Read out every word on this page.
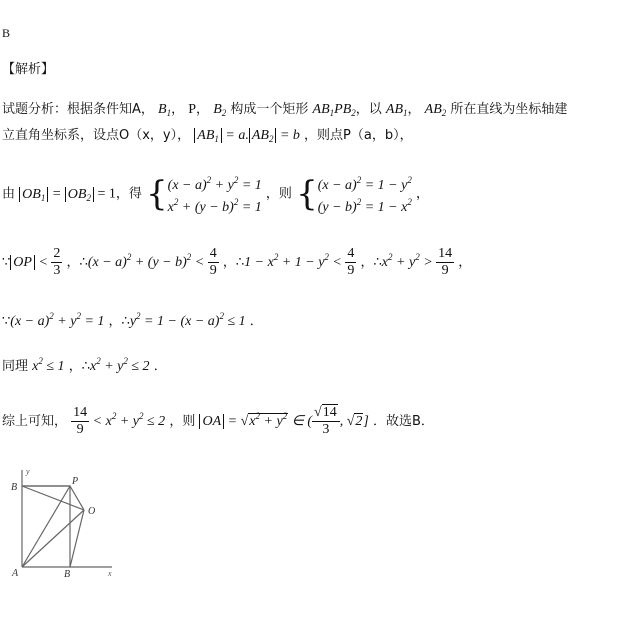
B
【解析】
试题分析：根据条件知A， $B_1$， P， $B_2$ 构成一个矩形 $AB_1PB_2$，以 $AB_1$， $AB_2$ 所在直线为坐标轴建
立直角坐标系，设点O（x，y）， $AB_1 = a$. $AB_2 = b$ ，则点P（a，b），
由 $OB_1 = OB_2 = 1$，得 { $(x - a)^2 + y^2 = 1$
$x^2 + (y - b)^2 = 1$
，则 { $(x - a)^2 = 1 - y^2$
$(y - b)^2 = 1 - x^2$
，
∵ OP < $\frac{2}{3}$ ，∴(x − $a)^2 + (y - b)^2 < \frac{4}{9}$ ，∴1 − $x^2 + 1 - y^2 < \frac{4}{9}$ ，$\therefore x^2 + y^2 > \frac{14}{9}$ ，
∵(x − $a)^2 + y^2 = 1$ ，$\therefore y^2 = 1 - (x - a)^2 \le 1$ ．
同理 $x^2 \le 1$ ，$\therefore x^2 + y^2 \le 2$ ．
综上可知， $\frac{14}{9} < x^2 + y^2 \le 2$ ，则 OA = $√x^2 + y^2$ ∈ ( $\frac{√14}{3}$ , √2] ．故选B．
B
P
O
A	B
y
x
